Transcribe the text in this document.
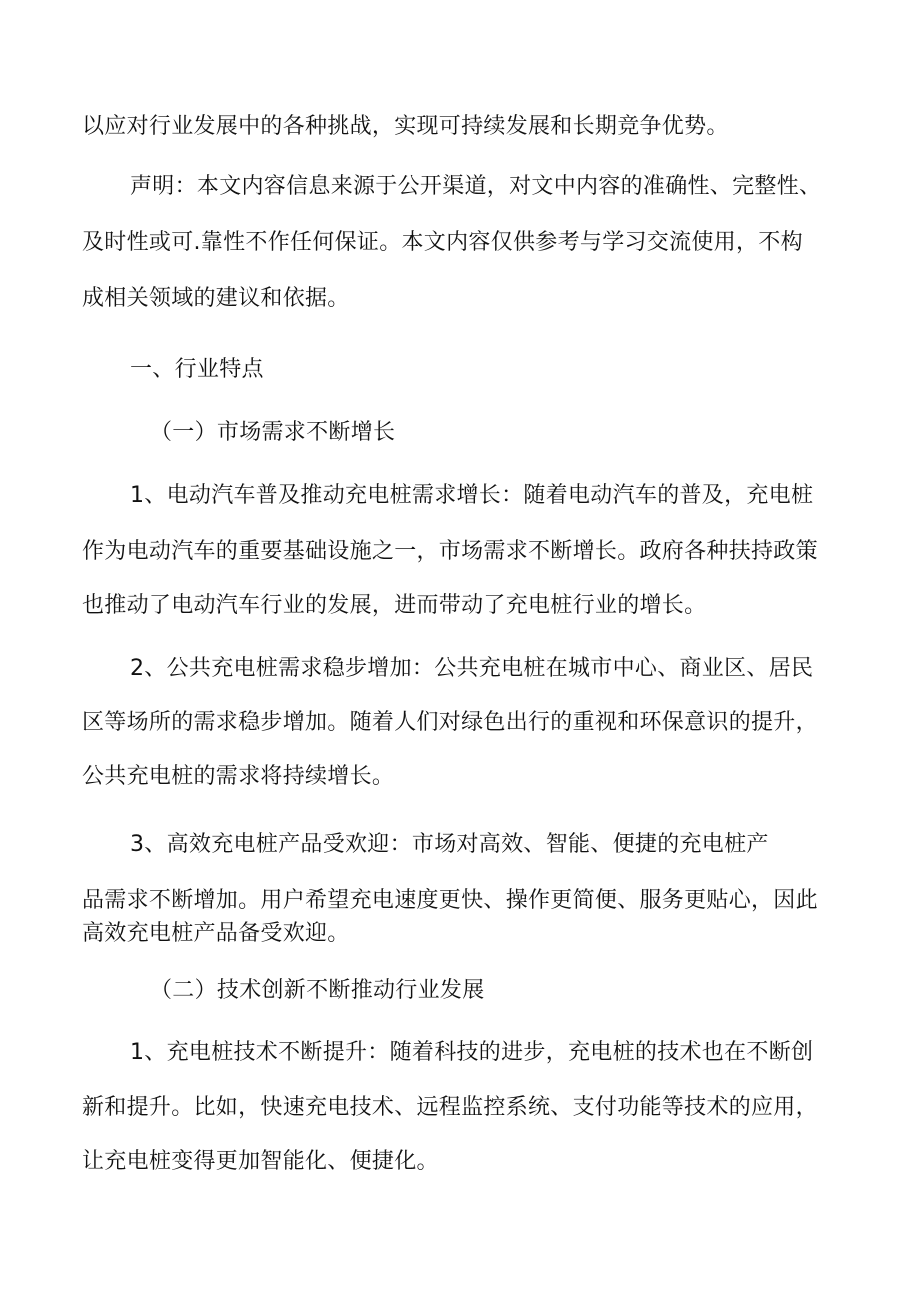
以应对行业发展中的各种挑战，实现可持续发展和长期竞争优势。
声明：本文内容信息来源于公开渠道，对文中内容的准确性、完整性、
及时性或可.靠性不作任何保证。本文内容仅供参考与学习交流使用，不构
成相关领域的建议和依据。
一、行业特点
（一）市场需求不断增长
1、电动汽车普及推动充电桩需求增长：随着电动汽车的普及，充电桩
作为电动汽车的重要基础设施之一，市场需求不断增长。政府各种扶持政策
也推动了电动汽车行业的发展，进而带动了充电桩行业的增长。
2、公共充电桩需求稳步增加：公共充电桩在城市中心、商业区、居民
区等场所的需求稳步增加。随着人们对绿色出行的重视和环保意识的提升，
公共充电桩的需求将持续增长。
3、高效充电桩产品受欢迎：市场对高效、智能、便捷的充电桩产
品需求不断增加。用户希望充电速度更快、操作更简便、服务更贴心，因此
高效充电桩产品备受欢迎。
（二）技术创新不断推动行业发展
1、充电桩技术不断提升：随着科技的进步，充电桩的技术也在不断创
新和提升。比如，快速充电技术、远程监控系统、支付功能等技术的应用，
让充电桩变得更加智能化、便捷化。
